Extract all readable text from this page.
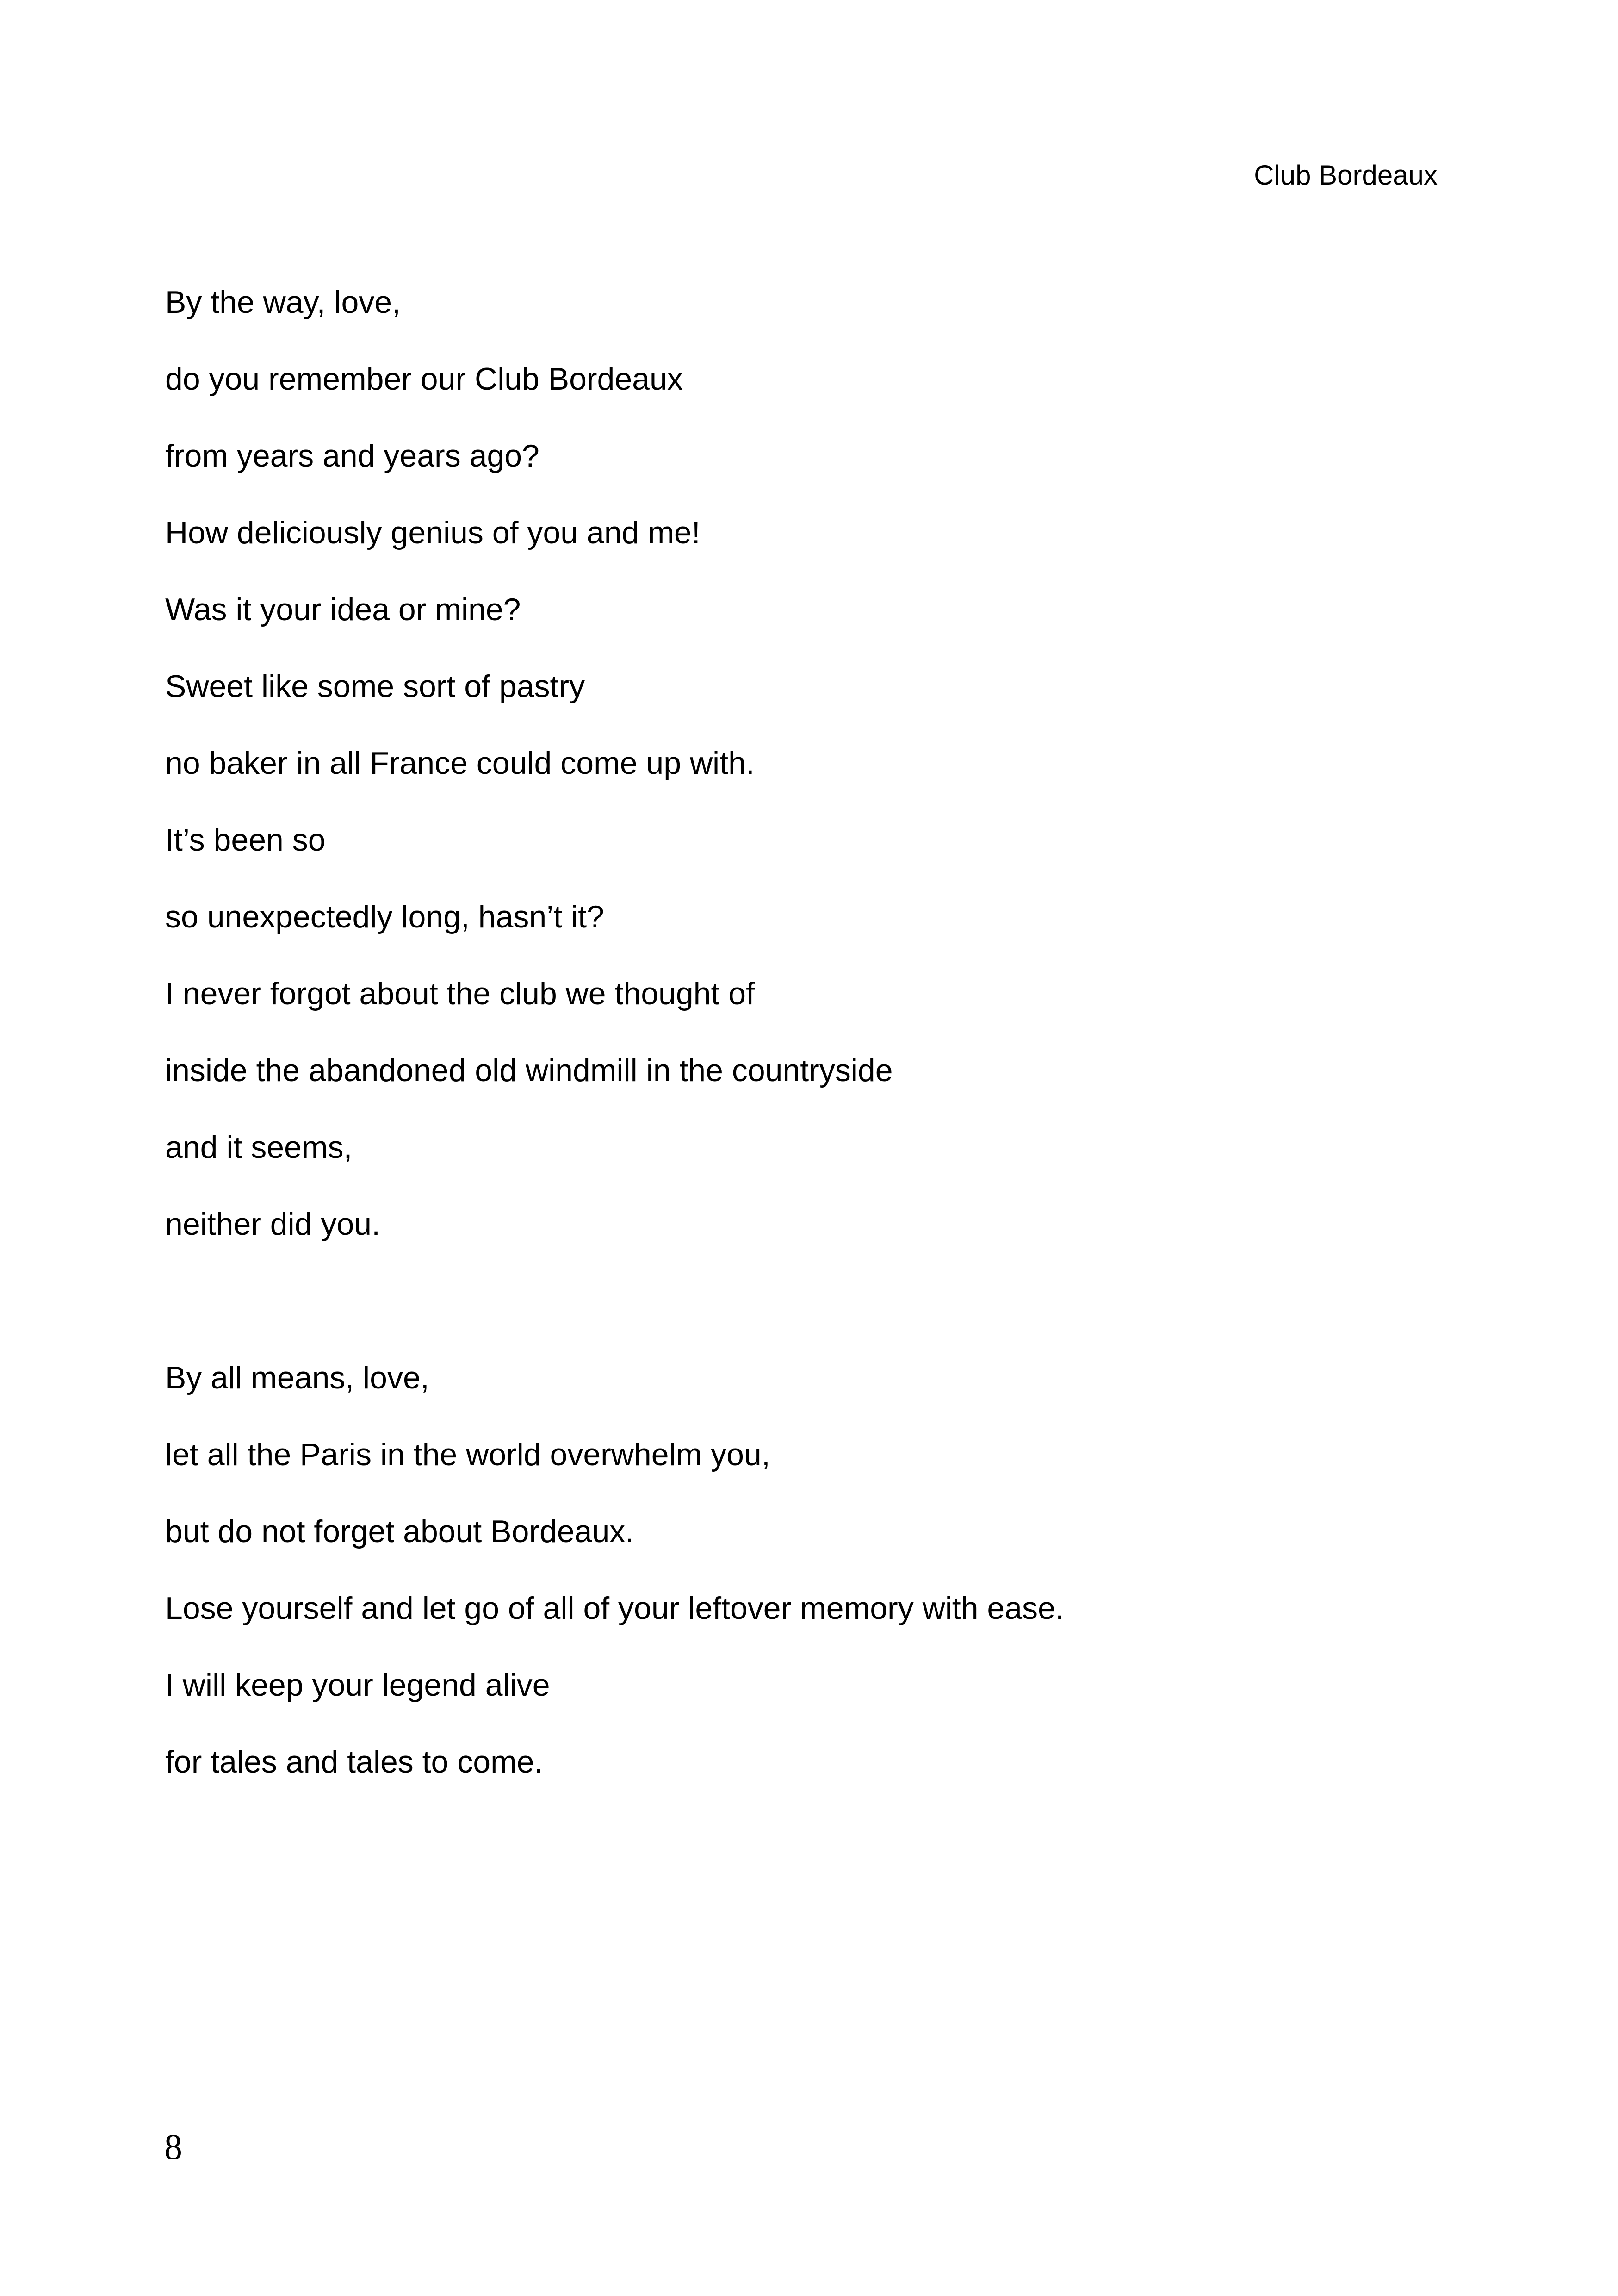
Club Bordeaux
By the way, love,
do you remember our Club Bordeaux
from years and years ago?
How deliciously genius of you and me!
Was it your idea or mine?
Sweet like some sort of pastry
no baker in all France could come up with.
It’s been so
so unexpectedly long, hasn’t it?
I never forgot about the club we thought of
inside the abandoned old windmill in the countryside
and it seems,
neither did you.
By all means, love,
let all the Paris in the world overwhelm you,
but do not forget about Bordeaux.
Lose yourself and let go of all of your leftover memory with ease.
I will keep your legend alive
for tales and tales to come.
8
